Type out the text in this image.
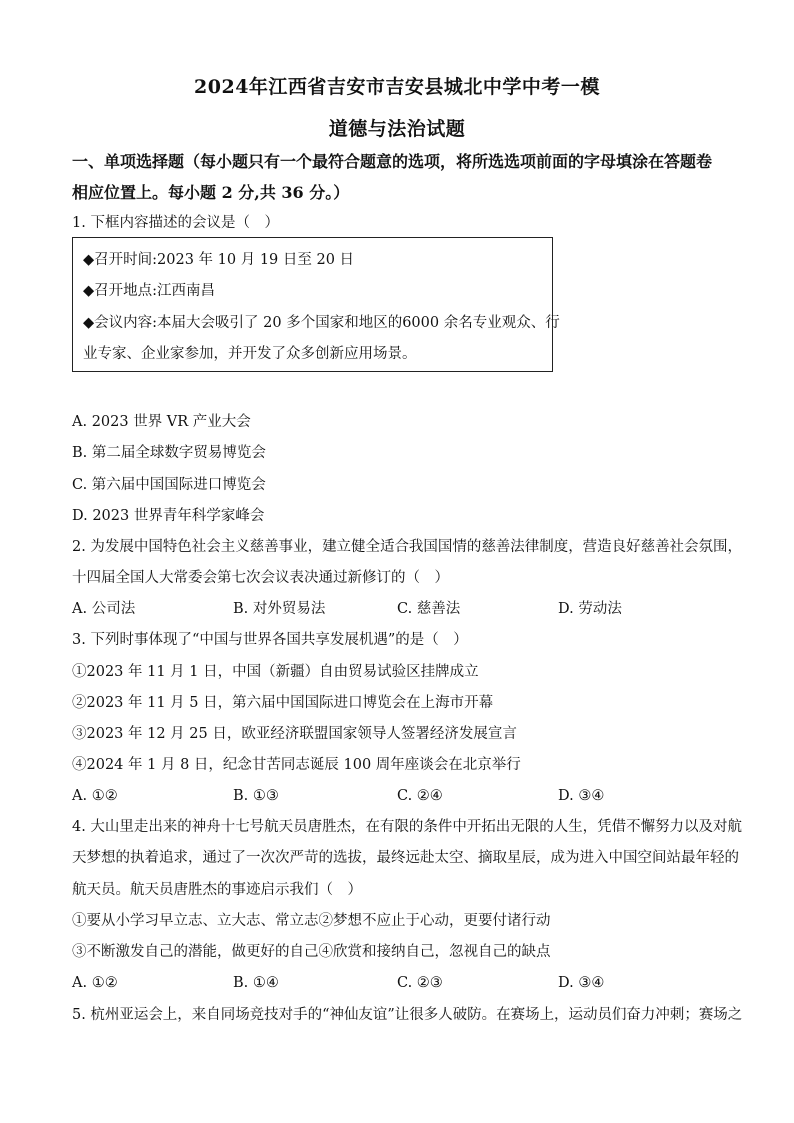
2024年江西省吉安市吉安县城北中学中考一模
道德与法治试题
一、单项选择题（每小题只有一个最符合题意的选项，将所选选项前面的字母填涂在答题卷
相应位置上。每小题 2 分,共 36 分。）
1. 下框内容描述的会议是（　）
◆召开时间:2023 年 10 月 19 日至 20 日
◆召开地点:江西南昌
◆会议内容:本届大会吸引了 20 多个国家和地区的6000 余名专业观众、行
业专家、企业家参加，并开发了众多创新应用场景。
A. 2023 世界 VR 产业大会
B. 第二届全球数字贸易博览会
C. 第六届中国国际进口博览会
D. 2023 世界青年科学家峰会
2. 为发展中国特色社会主义慈善事业，建立健全适合我国国情的慈善法律制度，营造良好慈善社会氛围，
十四届全国人大常委会第七次会议表决通过新修订的（　）
A. 公司法	B. 对外贸易法	C. 慈善法	D. 劳动法
3. 下列时事体现了“中国与世界各国共享发展机遇”的是（　）
①2023 年 11 月 1 日，中国（新疆）自由贸易试验区挂牌成立
②2023 年 11 月 5 日，第六届中国国际进口博览会在上海市开幕
③2023 年 12 月 25 日，欧亚经济联盟国家领导人签署经济发展宣言
④2024 年 1 月 8 日，纪念甘苦同志诞辰 100 周年座谈会在北京举行
A. ①②	B. ①③	C. ②④	D. ③④
4. 大山里走出来的神舟十七号航天员唐胜杰，在有限的条件中开拓出无限的人生，凭借不懈努力以及对航
天梦想的执着追求，通过了一次次严苛的选拔，最终远赴太空、摘取星辰，成为进入中国空间站最年轻的
航天员。航天员唐胜杰的事迹启示我们（　）
①要从小学习早立志、立大志、常立志②梦想不应止于心动，更要付诸行动
③不断激发自己的潜能，做更好的自己④欣赏和接纳自己，忽视自己的缺点
A. ①②	B. ①④	C. ②③	D. ③④
5. 杭州亚运会上，来自同场竞技对手的“神仙友谊”让很多人破防。在赛场上，运动员们奋力冲刺；赛场之
